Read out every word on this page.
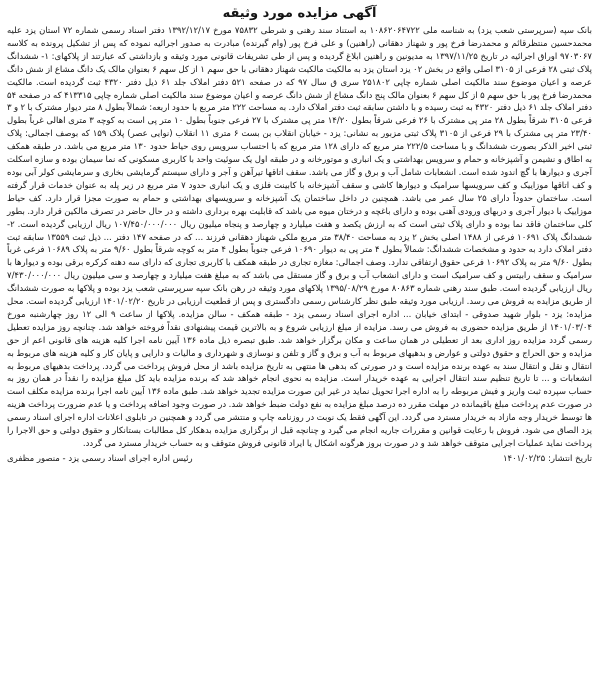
آگهی مزایده مورد وثیقه

بانک سپه (سرپرستی شعب یزد) به شناسه ملی ۱۰۸۶۲۰۶۴۷۲۲ به استناد سند رهنی و شرطی ۷۵۸۳۲ مورخ ۱۳۹۲/۱۲/۱۷ دفتر اسناد رسمی شماره ۷۲ استان یزد علیه محمدحسین منتظرقائم و محمدرضا فرخ پور و شهناز دهقانی (راهنین) و علی فرخ پور (وام گیرنده) مبادرت به صدور اجرائیه نموده که پس از تشکیل پرونده به کلاسه ۹۷۰۳۰۶۷ اوراق اجرائیه در تاریخ ۱۳۹۷/۱۱/۲۵ به مدیونین و راهنین ابلاغ گردیده و پس از طی تشریفات قانونی مورد وثیقه و بازداشتی که عبارتند از پلاکهای: ۱- ششدانگ پلاک ثبتی ۲۸ فرعی از ۳۱۰۵ اصلی واقع در بخش ۰۲ یزد استان یزد به مالکیت مالکیت شهناز دهقانی با حق سهم ۱ از کل سهم ۶ بعنوان مالک یک دانگ مشاع از شش دانگ عرصه و اعیان موضوع سند مالکیت اصلی شماره چاپی ۲۵۱۸۰۲ سری ق سال ۹۷ که در صفحه ۵۲۱ دفتر املاک جلد ۶۱ ذیل دفتر ۴۳۲۰ ثبت گردیده است. مالکیت محمدرضا فرخ پور با حق سهم ۵ از کل سهم ۶ بعنوان مالک پنج دانگ مشاع از شش دانگ عرصه و اعیان موضوع سند مالکیت اصلی شماره چاپی ۴۱۳۳۱۵ که در صفحه ۵۴ دفتر املاک جلد ۶۱ ذیل دفتر ۴۳۲۰ به ثبت رسیده و با داشتن سابقه ثبت دفتر املاک دارد. به مساحت ۲۲۲ متر مربع با حدود اربعه: شمالاً بطول ۸ متر دیوار مشترک با ۲ و ۳ فرعی ۳۱۰۵ شرقاً بطول ۲۸ متر پی مشترک با ۲۶ فرعی شرقاً بطول ۱۴/۲۰ متر پی مشترک با ۲۷ فرعی جنوباً بطول ۱۰ متر پی است به کوچه ۳ متری اهالی غرباً بطول ۲۳/۴۰ متر پی مشترک با ۲۹ فرعی از ۳۱۰۵ پلاک ثبتی مزبور به نشانی: یزد - خیابان انقلاب بن بست ۶ متری ۱۱ انقلاب (نوایی عصر) پلاک ۱۵۹ که بوصف اجمالی: پلاک ثبتی اخیر الذکر بصورت ششدانگ و با مساحت ۲۲۲/۵ متر مربع که دارای ۱۲۸ متر مربع که با احتساب سرویس روی حیاط حدود ۱۳۰ متر مربع می باشد. در طبقه همکف به اطاق و نشیمن و آشپزخانه و حمام و سرویس بهداشتی و یک انباری و موتورخانه و در طبقه اول یک سوئیت واحد با کاربری مسکونی که نما سیمان بوده و سازه اسکلت آجری و دیوارها با گچ اندود شده است. انشعابات شامل آب و برق و گاز می باشد. سقف اتاقها تیرآهن و آجر و دارای سیستم گرمایشی بخاری و سرمایشی کولر آبی بوده و کف اتاقها موزاییک و کف سرویسها سرامیک و دیوارها کاشی و سقف آشپزخانه با کابینت فلزی و یک انباری حدود ۷ متر مربع در زیر پله به عنوان خدمات قرار گرفته است. ساختمان حدوداً دارای ۲۵ سال عمر می باشد. همچنین در داخل ساختمان یک آشپزخانه و سرویسهای بهداشتی و حمام به صورت مجزا قرار دارد. کف حیاط موزاییک با دیوار آجری و دربهای ورودی آهنی بوده و دارای باغچه و درختان میوه می باشد که قابلیت بهره برداری داشته و در حال حاضر در تصرف مالکین قرار دارد. بطور کلی ساختمان فاقد نما بوده و دارای پلاک ثبتی است که به ارزش یکصد و هفت میلیارد و چهارصد و پنجاه میلیون ریال ۱۰۷/۴۵۰/۰۰۰/۰۰۰ ریال ارزیابی گردیده است. ۲- ششدانگ پلاک ۱۰۶۹۱ فرعی از ۱۴۸۸ اصلی بخش ۲ یزد به مساحت ۳۸/۴۰ متر مربع ملکی شهناز دهقانی فرزند ... که در صفحه ۱۴۷ دفتر ... ذیل ثبت ۱۳۵۵۹ سابقه ثبت دفتر املاک دارد به حدود و مشخصات ششدانگ: شمالاً بطول ۴ متر پی به دیوار ۱۰۶۹۰ فرعی جنوباً بطول ۴ متر به کوچه شرقاً بطول ۹/۶۰ متر به پلاک ۱۰۶۸۹ فرعی غرباً بطول ۹/۶۰ متر به پلاک ۱۰۶۹۲ فرعی حقوق ارتفاقی ندارد. وصف اجمالی: مغازه تجاری در طبقه همکف با کاربری تجاری که دارای سه دهنه کرکره برقی بوده و دیوارها با سرامیک و سقف رابیتس و کف سرامیک است و دارای انشعاب آب و برق و گاز مستقل می باشد که به مبلغ هفت میلیارد و چهارصد و سی میلیون ریال ۷/۴۳۰/۰۰۰/۰۰۰ ریال ارزیابی گردیده است. طبق سند رهنی شماره ۸۰۸۶۳ مورخ ۱۳۹۵/۰۸/۲۹ پلاکهای مورد وثیقه در رهن بانک سپه سرپرستی شعب یزد بوده و پلاکها به صورت ششدانگ از طریق مزایده به فروش می رسد. ارزیابی مورد وثیقه طبق نظر کارشناس رسمی دادگستری و پس از قطعیت ارزیابی در تاریخ ۱۴۰۱/۰۲/۲۰ ارزیابی گردیده است. محل مزایده: یزد - بلوار شهید صدوقی - ابتدای خیابان ... اداره اجرای اسناد رسمی یزد - طبقه همکف - سالن مزایده. پلاکها از ساعت ۹ الی ۱۲ روز چهارشنبه مورخ ۱۴۰۱/۰۳/۰۴ از طریق مزایده حضوری به فروش می رسد. مزایده از مبلغ ارزیابی شروع و به بالاترین قیمت پیشنهادی نقداً فروخته خواهد شد. چنانچه روز مزایده تعطیل رسمی گردد مزایده روز اداری بعد از تعطیلی در همان ساعت و مکان برگزار خواهد شد. طبق تبصره ذیل ماده ۱۳۶ آیین نامه اجرا کلیه هزینه های قانونی اعم از حق مزایده و حق الحراج و حقوق دولتی و عوارض و بدهیهای مربوط به آب و برق و گاز و تلفن و نوسازی و شهرداری و مالیات و دارایی و پایان کار و کلیه هزینه های مربوط به انتقال و نقل و انتقال سند به عهده برنده مزایده است و در صورتی که بدهی ها منتهی به تاریخ مزایده باشد از محل فروش پرداخت می گردد. پرداخت بدهیهای مربوط به انشعابات و ... تا تاریخ تنظیم سند انتقال اجرایی به عهده خریدار است. مزایده به نحوی انجام خواهد شد که برنده مزایده باید کل مبلغ مزایده را نقداً در همان روز به حساب سپرده ثبت واریز و فیش مربوطه را به اداره اجرا تحویل نماید در غیر این صورت مزایده تجدید خواهد شد. طبق ماده ۱۳۶ آیین نامه اجرا برنده مزایده مکلف است در صورت عدم پرداخت مبلغ باقیمانده در مهلت مقرر ده درصد مبلغ مزایده به نفع دولت ضبط خواهد شد. در صورت وجود اضافه پرداخت و یا عدم ضرورت پرداخت هزینه ها توسط خریدار وجه مازاد به خریدار مسترد می گردد. این آگهی فقط یک نوبت در روزنامه چاپ و منتشر می گردد و همچنین در تابلوی اعلانات اداره اجرای اسناد رسمی یزد الصاق می شود. فروش با رعایت قوانین و مقررات جاریه انجام می گیرد و چنانچه قبل از برگزاری مزایده بدهکار کل مطالبات بستانکار و حقوق دولتی و حق الاجرا را پرداخت نماید عملیات اجرایی متوقف خواهد شد و در صورت بروز هرگونه اشکال یا ایراد قانونی فروش متوقف و به حساب خریدار مسترد می گردد.

تاریخ انتشار: ۱۴۰۱/۰۲/۲۵
رئیس اداره اجرای اسناد رسمی یزد - منصور مظفری
